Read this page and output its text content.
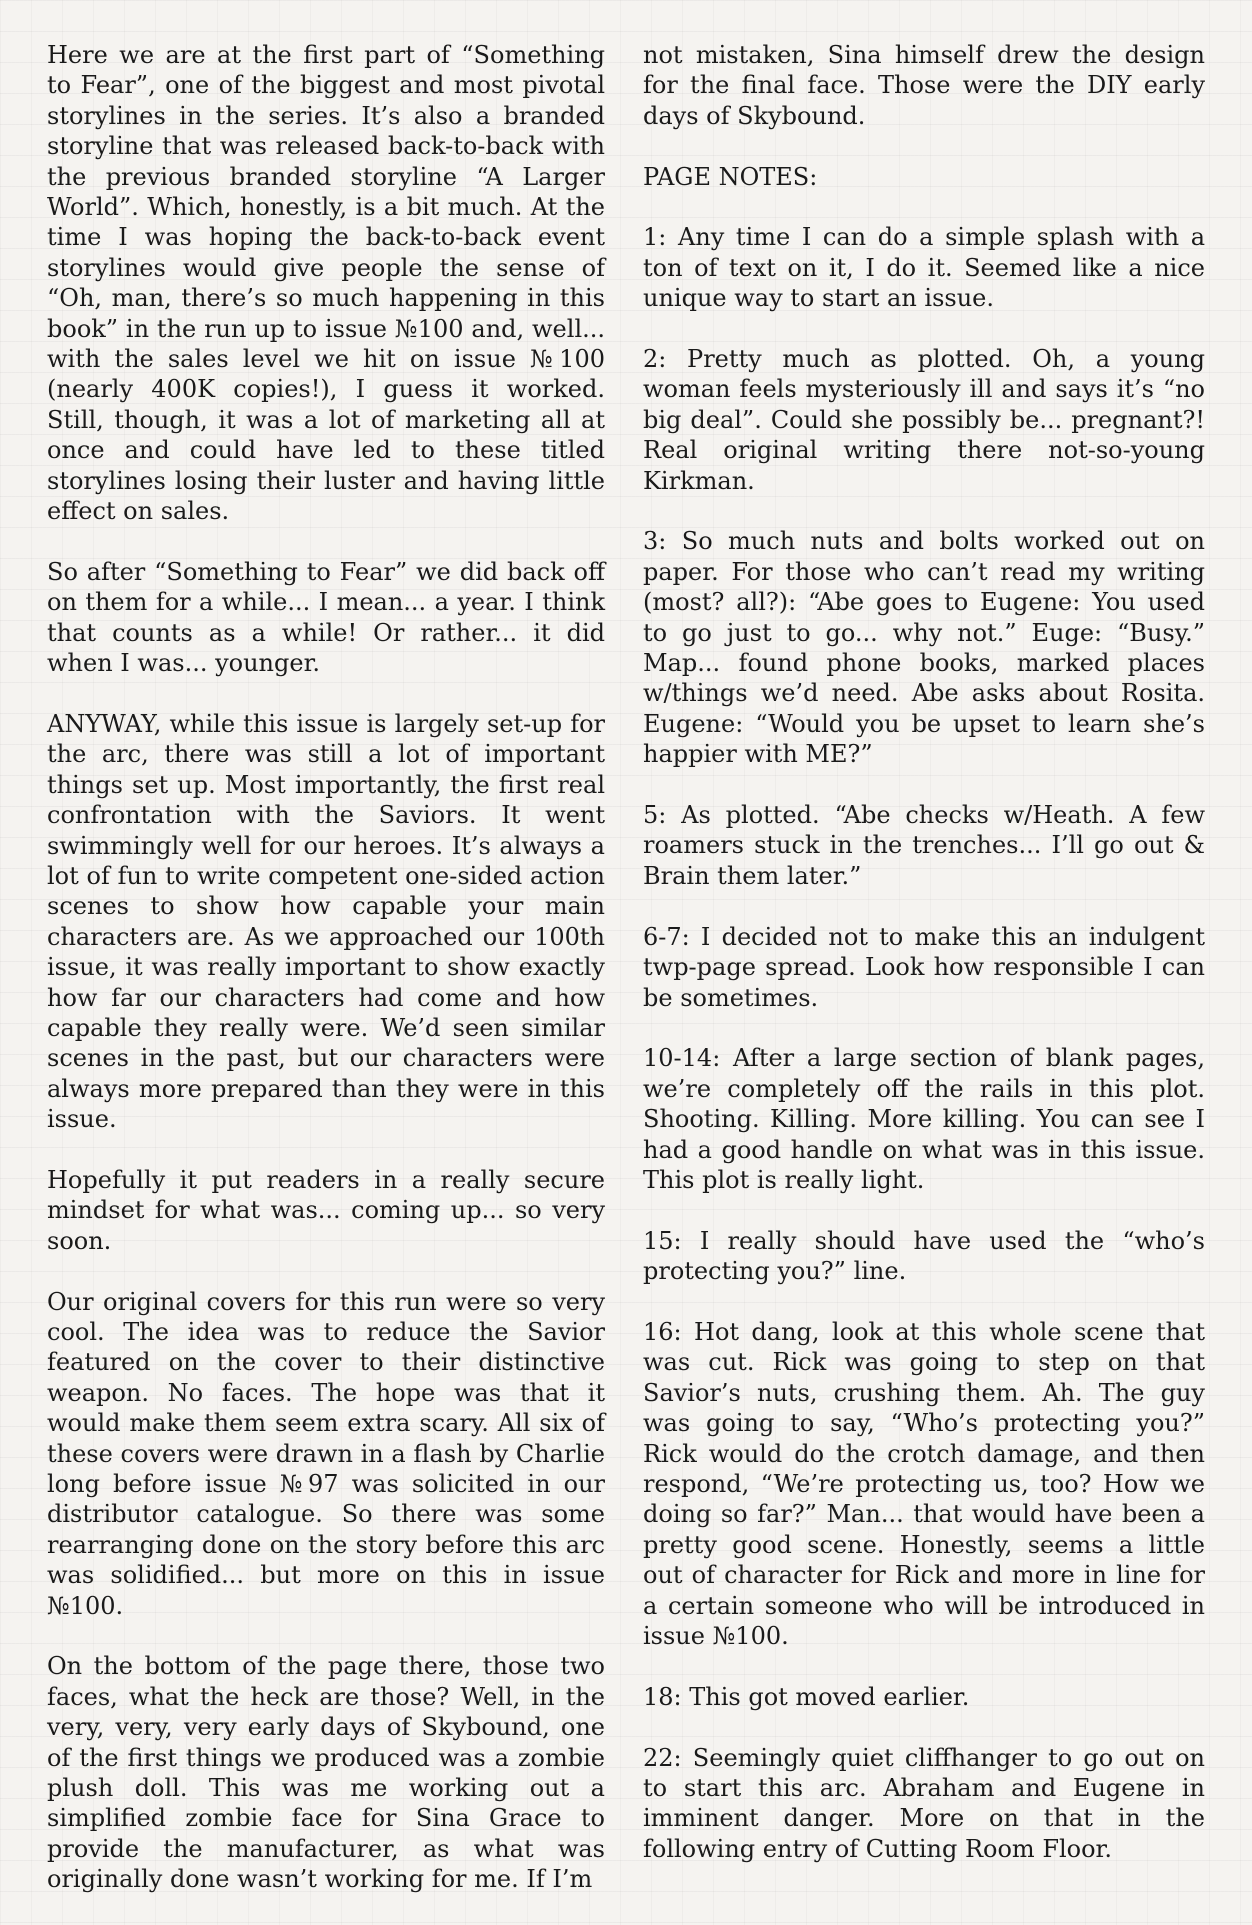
Here we are at the first part of “Something to Fear”, one of the biggest and most pivotal storylines in the series. It’s also a branded storyline that was released back-to-back with the previous branded storyline “A Larger World”. Which, honestly, is a bit much. At the time I was hoping the back-to-back event storylines would give people the sense of “Oh, man, there’s so much happening in this book” in the run up to issue №100 and, well... with the sales level we hit on issue №100 (nearly 400K copies!), I guess it worked. Still, though, it was a lot of marketing all at once and could have led to these titled storylines losing their luster and having little effect on sales.

So after “Something to Fear” we did back off on them for a while... I mean... a year. I think that counts as a while! Or rather... it did when I was... younger.

ANYWAY, while this issue is largely set-up for the arc, there was still a lot of important things set up. Most importantly, the first real confrontation with the Saviors. It went swimmingly well for our heroes. It’s always a lot of fun to write competent one-sided action scenes to show how capable your main characters are. As we approached our 100th issue, it was really important to show exactly how far our characters had come and how capable they really were. We’d seen similar scenes in the past, but our characters were always more prepared than they were in this issue.

Hopefully it put readers in a really secure mindset for what was... coming up... so very soon.

Our original covers for this run were so very cool. The idea was to reduce the Savior featured on the cover to their distinctive weapon. No faces. The hope was that it would make them seem extra scary. All six of these covers were drawn in a flash by Charlie long before issue №97 was solicited in our distributor catalogue. So there was some rearranging done on the story before this arc was solidified... but more on this in issue №100.

On the bottom of the page there, those two faces, what the heck are those? Well, in the very, very, very early days of Skybound, one of the first things we produced was a zombie plush doll. This was me working out a simplified zombie face for Sina Grace to provide the manufacturer, as what was originally done wasn’t working for me. If I’m

not mistaken, Sina himself drew the design for the final face. Those were the DIY early days of Skybound.

PAGE NOTES:

1: Any time I can do a simple splash with a ton of text on it, I do it. Seemed like a nice unique way to start an issue.

2: Pretty much as plotted. Oh, a young woman feels mysteriously ill and says it’s “no big deal”. Could she possibly be... pregnant?! Real original writing there not-so-young Kirkman.

3: So much nuts and bolts worked out on paper. For those who can’t read my writing (most? all?): “Abe goes to Eugene: You used to go just to go... why not.” Euge: “Busy.” Map... found phone books, marked places w/things we’d need. Abe asks about Rosita. Eugene: “Would you be upset to learn she’s happier with ME?”

5: As plotted. “Abe checks w/Heath. A few roamers stuck in the trenches... I’ll go out & Brain them later.”

6-7: I decided not to make this an indulgent twp-page spread. Look how responsible I can be sometimes.

10-14: After a large section of blank pages, we’re completely off the rails in this plot. Shooting. Killing. More killing. You can see I had a good handle on what was in this issue. This plot is really light.

15: I really should have used the “who’s protecting you?” line.

16: Hot dang, look at this whole scene that was cut. Rick was going to step on that Savior’s nuts, crushing them. Ah. The guy was going to say, “Who’s protecting you?” Rick would do the crotch damage, and then respond, “We’re protecting us, too? How we doing so far?” Man... that would have been a pretty good scene. Honestly, seems a little out of character for Rick and more in line for a certain someone who will be introduced in issue №100.

18: This got moved earlier.

22: Seemingly quiet cliffhanger to go out on to start this arc. Abraham and Eugene in imminent danger. More on that in the following entry of Cutting Room Floor.
